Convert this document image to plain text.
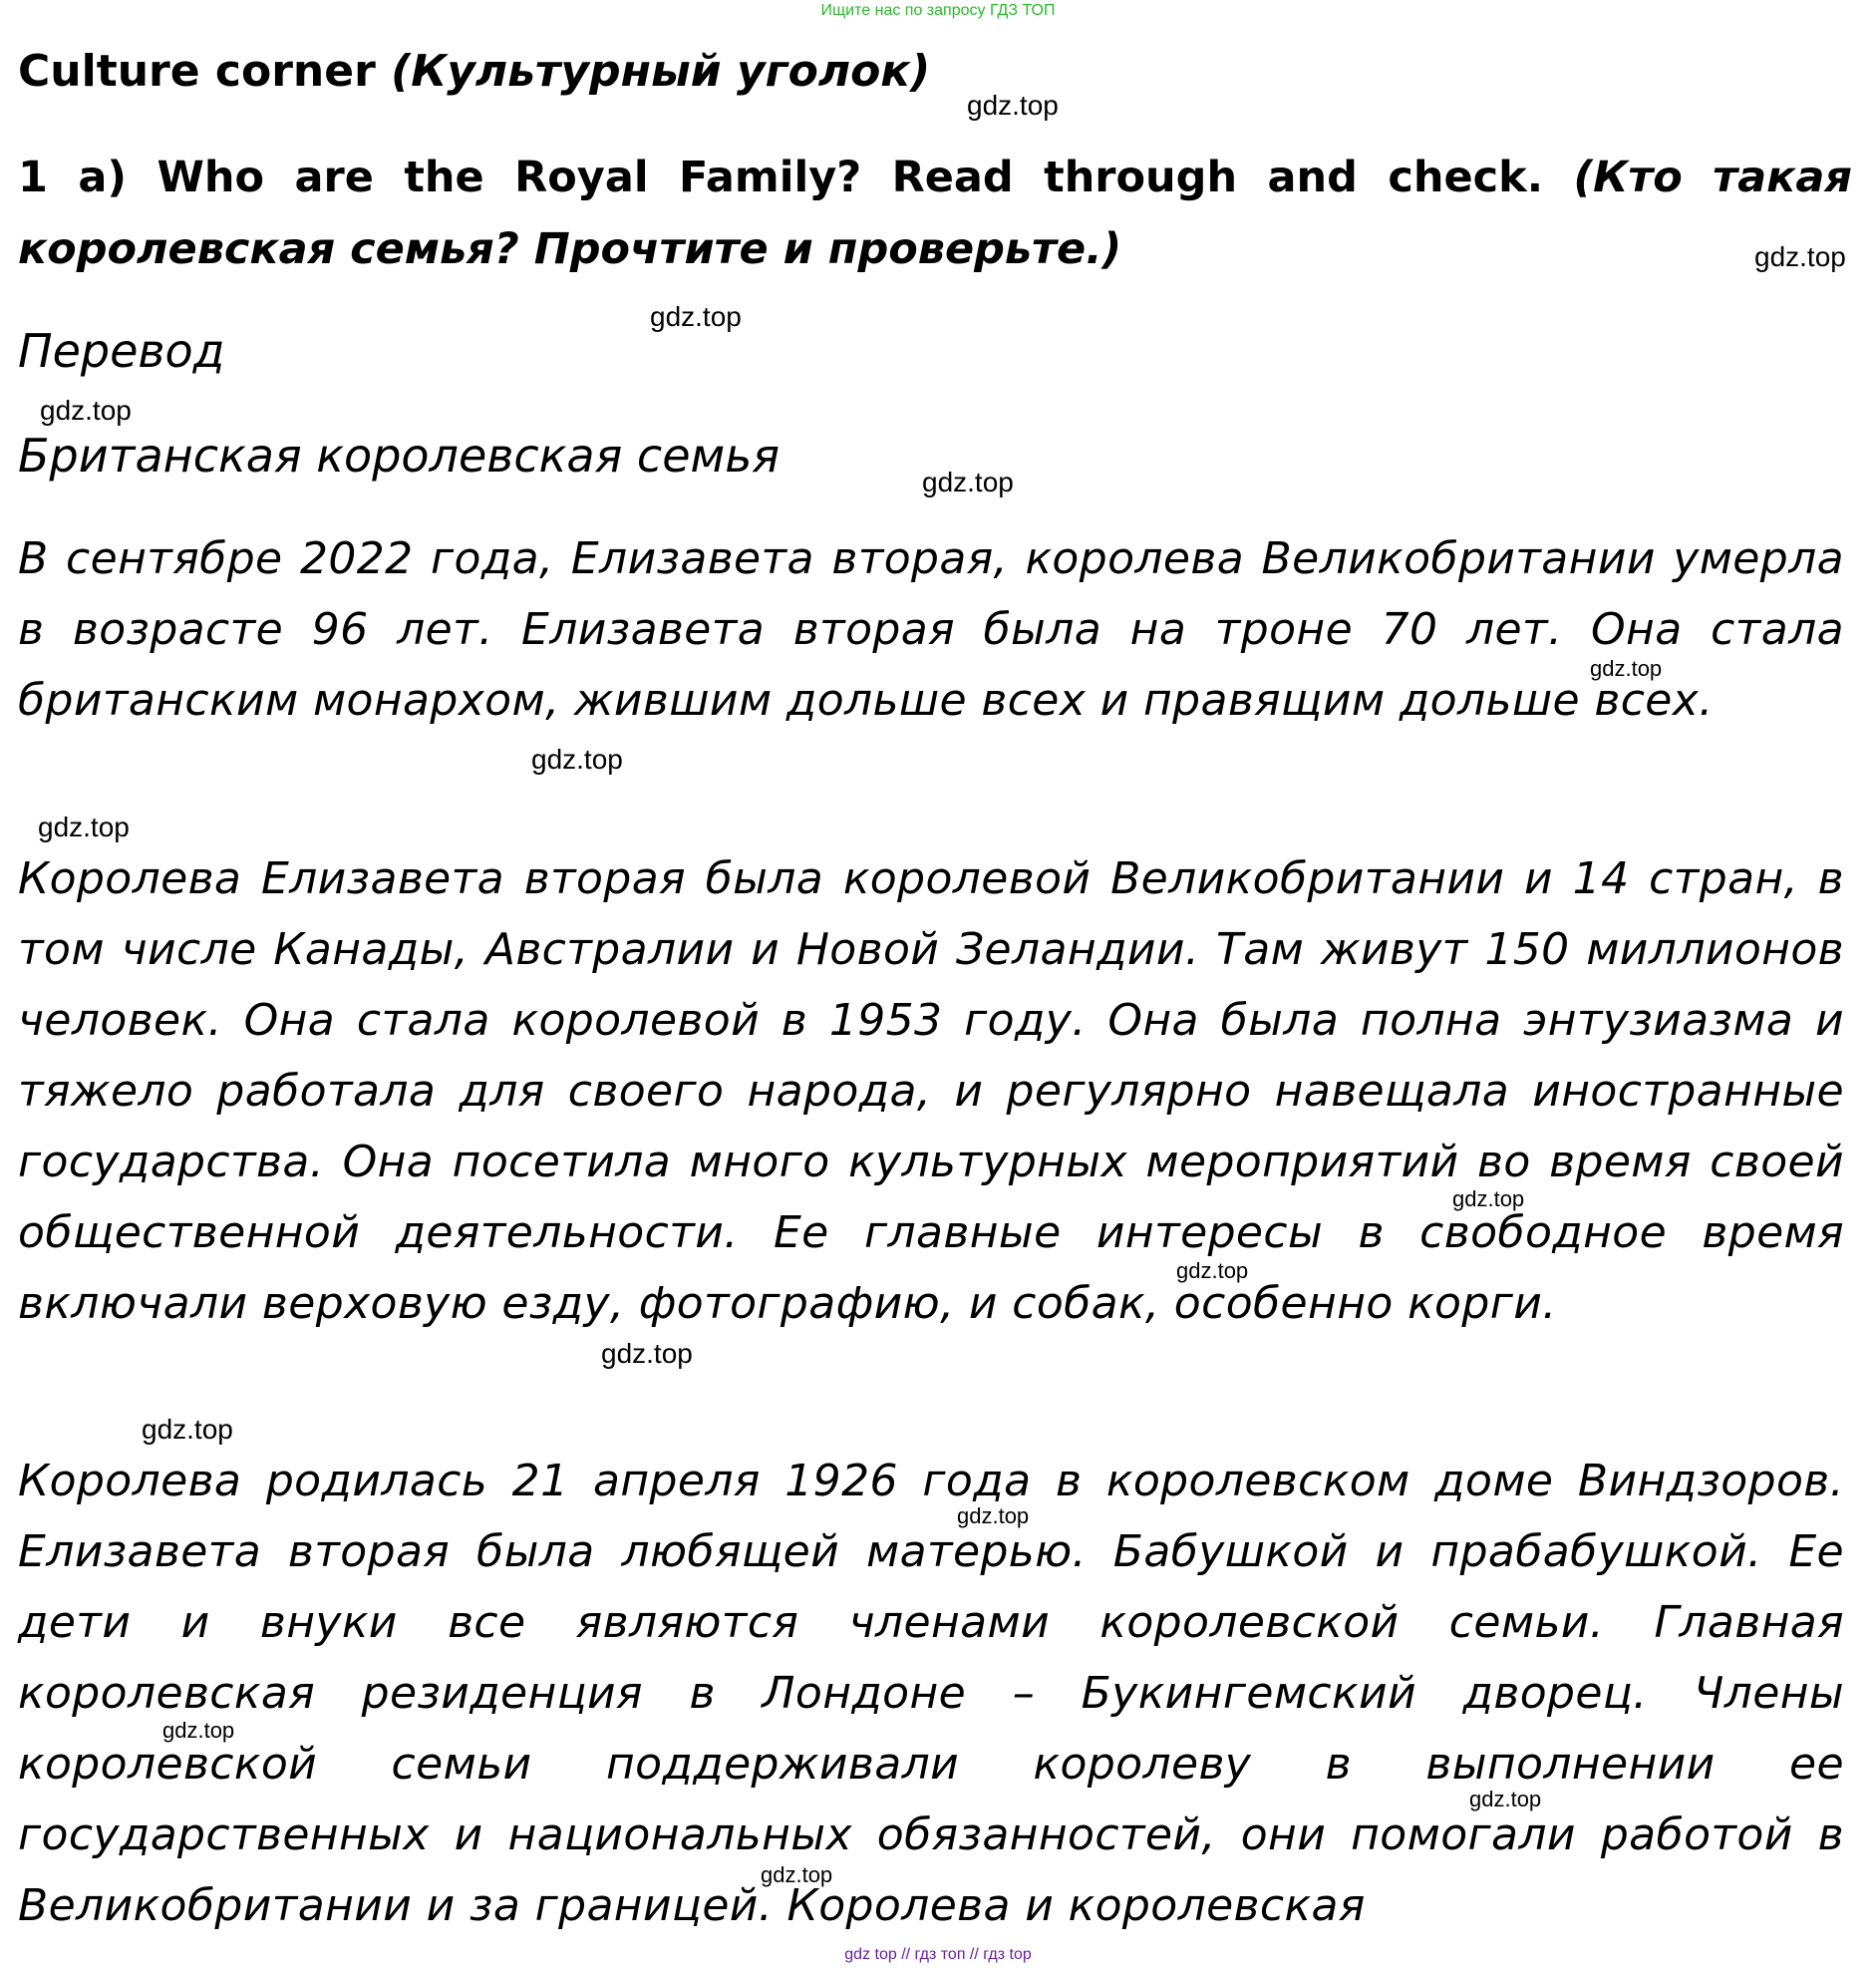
Ищите нас по запросу ГДЗ ТОП
Culture corner (Культурный уголок)
1 a) Who are the Royal Family? Read through and check. (Кто такая королевская семья? Прочтите и проверьте.)
Перевод
Британская королевская семья
В сентябре 2022 года, Елизавета вторая, королева Великобритании умерла в возрасте 96 лет. Елизавета вторая была на троне 70 лет. Она стала британским монархом, жившим дольше всех и правящим дольше всех.
Королева Елизавета вторая была королевой Великобритании и 14 стран, в том числе Канады, Австралии и Новой Зеландии. Там живут 150 миллионов человек. Она стала королевой в 1953 году. Она была полна энтузиазма и тяжело работала для своего народа, и регулярно навещала иностранные государства. Она посетила много культурных мероприятий во время своей общественной деятельности. Ее главные интересы в свободное время включали верховую езду, фотографию, и собак, особенно корги.
Королева родилась 21 апреля 1926 года в королевском доме Виндзоров. Елизавета вторая была любящей матерью. Бабушкой и прабабушкой. Ее дети и внуки все являются членами королевской семьи. Главная королевская резиденция в Лондоне – Букингемский дворец. Члены королевской семьи поддерживали королеву в выполнении ее государственных и национальных обязанностей, они помогали работой в Великобритании и за границей. Королева и королевская
gdz.top
gdz.top
gdz.top
gdz.top
gdz.top
gdz.top
gdz.top
gdz.top
gdz.top
gdz.top
gdz.top
gdz.top
gdz.top
gdz.top
gdz.top
gdz.top
gdz top // гдз топ // гдз top
